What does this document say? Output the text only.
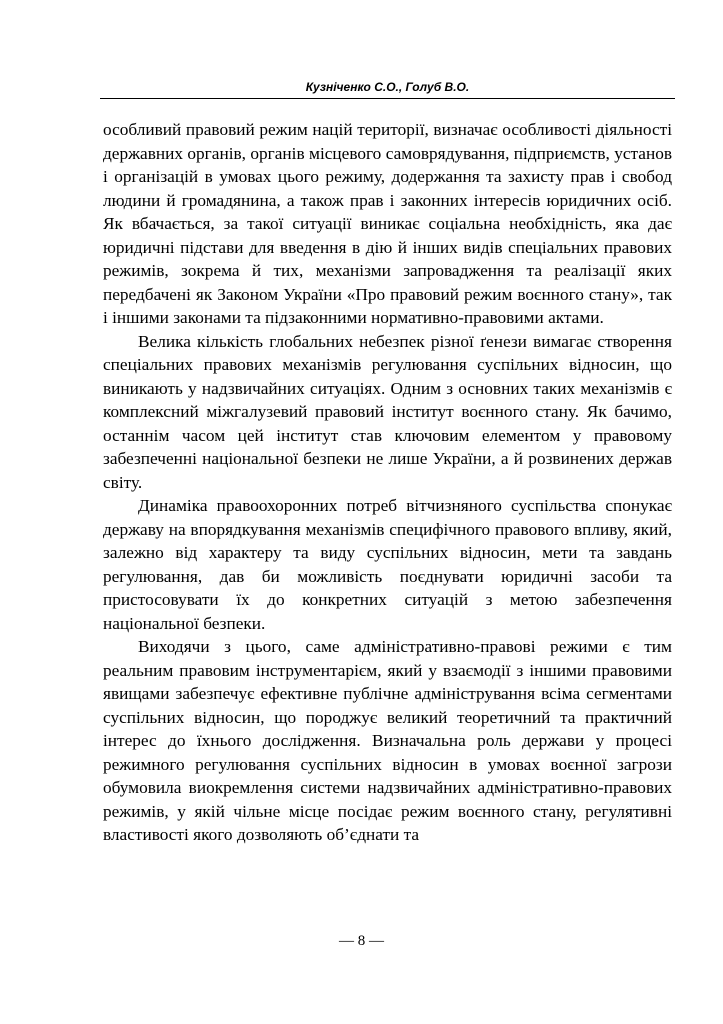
Кузніченко С.О., Голуб В.О.

особливий правовий режим націй території, визначає особливості діяльності державних органів, органів місцевого самоврядування, підприємств, установ і організацій в умовах цього режиму, додержання та захисту прав і свобод людини й громадянина, а також прав і законних інтересів юридичних осіб. Як вбачається, за такої ситуації виникає соціальна необхідність, яка дає юридичні підстави для введення в дію й інших видів спеціальних правових режимів, зокрема й тих, механізми запровадження та реалізації яких передбачені як Законом України «Про правовий режим воєнного стану», так і іншими законами та підзаконними нормативно-правовими актами.

Велика кількість глобальних небезпек різної ґенези вимагає створення спеціальних правових механізмів регулювання суспільних відносин, що виникають у надзвичайних ситуаціях. Одним з основних таких механізмів є комплексний міжгалузевий правовий інститут воєнного стану. Як бачимо, останнім часом цей інститут став ключовим елементом у правовому забезпеченні національної безпеки не лише України, а й розвинених держав світу.

Динаміка правоохоронних потреб вітчизняного суспільства спонукає державу на впорядкування механізмів специфічного правового впливу, який, залежно від характеру та виду суспільних відносин, мети та завдань регулювання, дав би можливість поєднувати юридичні засоби та пристосовувати їх до конкретних ситуацій з метою забезпечення національної безпеки.

Виходячи з цього, саме адміністративно-правові режими є тим реальним правовим інструментарієм, який у взаємодії з іншими правовими явищами забезпечує ефективне публічне адміністрування всіма сегментами суспільних відносин, що породжує великий теоретичний та практичний інтерес до їхнього дослідження. Визначальна роль держави у процесі режимного регулювання суспільних відносин в умовах воєнної загрози обумовила виокремлення системи надзвичайних адміністративно-правових режимів, у якій чільне місце посідає режим воєнного стану, регулятивні властивості якого дозволяють об’єднати та

— 8 —
